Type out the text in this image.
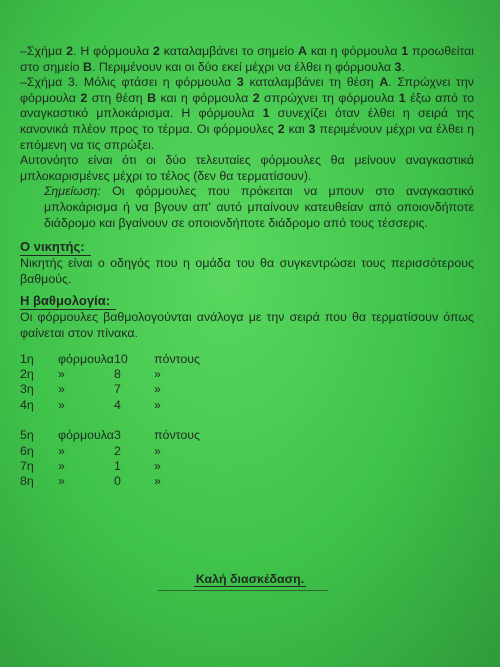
–Σχήμα 2. Η φόρμουλα 2 καταλαμβάνει το σημείο Α και η φόρμουλα 1 προωθείται στο σημείο Β. Περιμένουν και οι δύο εκεί μέχρι να έλθει η φόρμουλα 3.

–Σχήμα 3. Μόλις φτάσει η φόρμουλα 3 καταλαμβάνει τη θέση Α. Σπρώχνει την φόρμουλα 2 στη θέση Β και η φόρμουλα 2 σπρώχνει τη φόρμουλα 1 έξω από το αναγκαστικό μπλοκάρισμα. Η φόρμουλα 1 συνεχίζει όταν έλθει η σειρά της κανονικά πλέον προς το τέρμα. Οι φόρμουλες 2 και 3 περιμένουν μέχρι να έλθει η επόμενη να τις σπρώξει.

Αυτονόητο είναι ότι οι δύο τελευταίες φόρμουλες θα μείνουν αναγκαστικά μπλοκαρισμένες μέχρι το τέλος (δεν θα τερματίσουν).

Σημείωση: Οι φόρμουλες που πρόκειται να μπουν στο αναγκαστικό μπλοκάρισμα ή να βγουν απ' αυτό μπαίνουν κατευθείαν από οποιονδήποτε διάδρομο και βγαίνουν σε οποιονδήποτε διάδρομο από τους τέσσερις.

Ο νικητής:

Νικητής είναι ο οδηγός που η ομάδα του θα συγκεντρώσει τους περισσότερους βαθμούς.

Η βαθμολογία:

Οι φόρμουλες βαθμολογούνται ανάλογα με την σειρά που θα τερματίσουν όπως φαίνεται στον πίνακα.

1η	φόρμουλα 10	πόντους
2η	»	8	»
3η	»	7	»
4η	»	4	»
5η	φόρμουλα 3	πόντους
6η	»	2	»
7η	»	1	»
8η	»	0	»
Καλή διασκέδαση.
